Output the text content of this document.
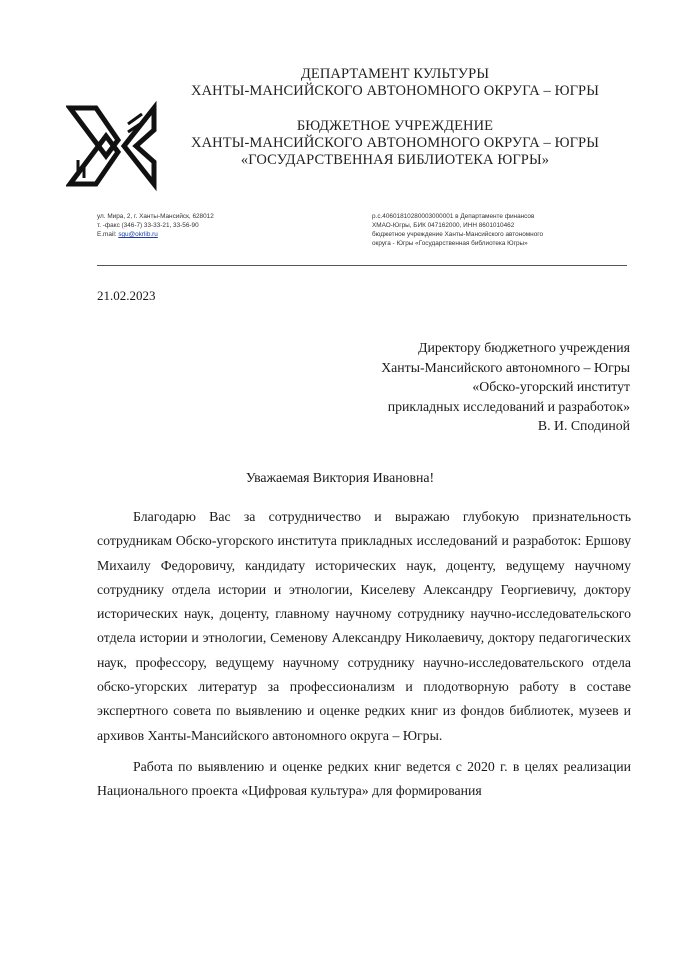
ДЕПАРТАМЕНТ КУЛЬТУРЫ
ХАНТЫ-МАНСИЙСКОГО АВТОНОМНОГО ОКРУГА – ЮГРЫ
БЮДЖЕТНОЕ УЧРЕЖДЕНИЕ
ХАНТЫ-МАНСИЙСКОГО АВТОНОМНОГО ОКРУГА – ЮГРЫ
«ГОСУДАРСТВЕННАЯ БИБЛИОТЕКА ЮГРЫ»
ул. Мира, 2, г. Ханты-Мансийск, 628012
т. -факс (346-7) 33-33-21, 33-56-90
E.mail: sgu@okrlib.ru
р.с.40601810280003000001 в Департаменте финансов
ХМАО-Югры, БИК 047162000, ИНН 8601010462
бюджетное учреждение Ханты-Мансийского автономного
округа - Югры «Государственная библиотека Югры»
21.02.2023
Директору бюджетного учреждения
Ханты-Мансийского автономного – Югры
«Обско-угорский институт
прикладных исследований и разработок»
В. И. Сподиной
Уважаемая Виктория Ивановна!

Благодарю Вас за сотрудничество и выражаю глубокую признательность сотрудникам Обско-угорского института прикладных исследований и разработок: Ершову Михаилу Федоровичу, кандидату исторических наук, доценту, ведущему научному сотруднику отдела истории и этнологии, Киселеву Александру Георгиевичу, доктору исторических наук, доценту, главному научному сотруднику научно-исследовательского отдела истории и этнологии, Семенову Александру Николаевичу, доктору педагогических наук, профессору, ведущему научному сотруднику научно-исследовательского отдела обско-угорских литератур за профессионализм и плодотворную работу в составе экспертного совета по выявлению и оценке редких книг из фондов библиотек, музеев и архивов Ханты-Мансийского автономного округа – Югры.

Работа по выявлению и оценке редких книг ведется с 2020 г. в целях реализации Национального проекта «Цифровая культура» для формирования
